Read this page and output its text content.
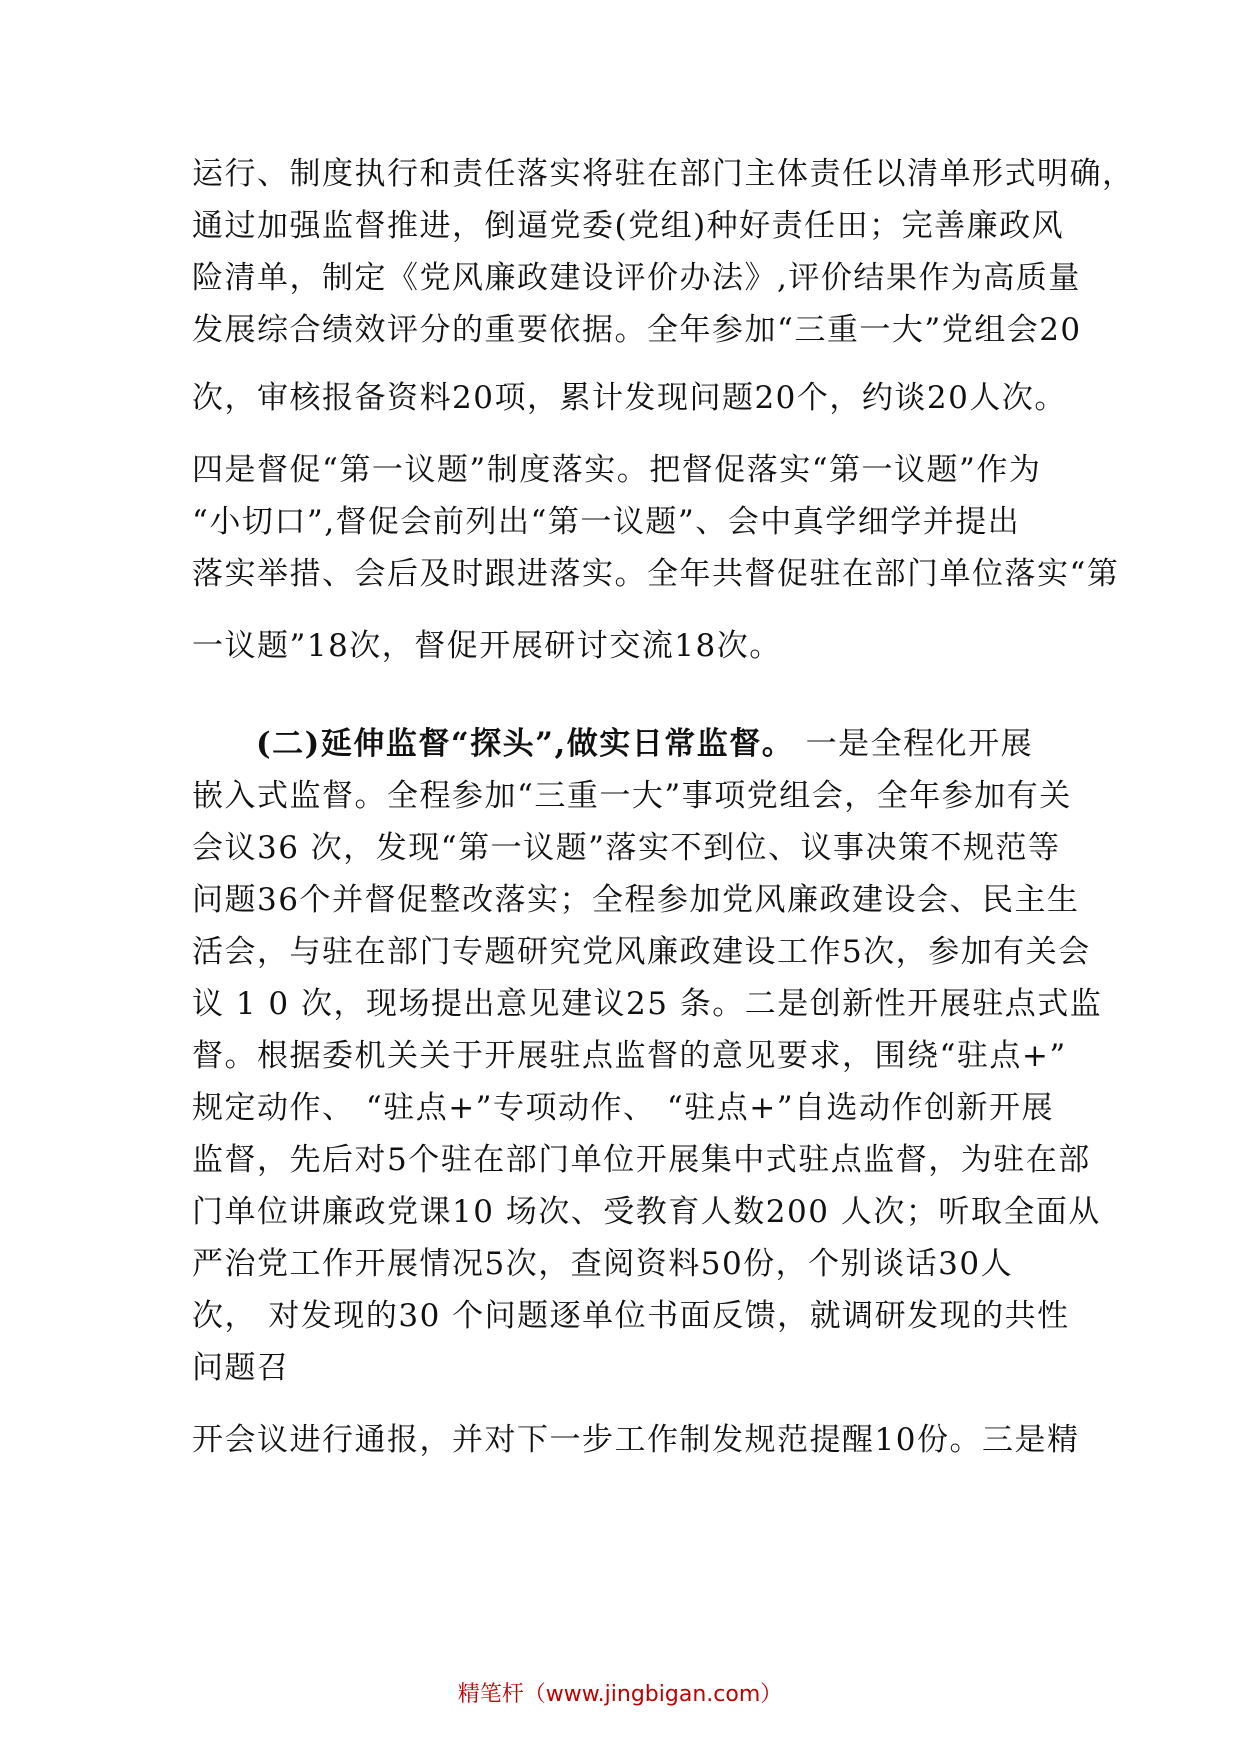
运行、制度执行和责任落实将驻在部门主体责任以清单形式明确，
通过加强监督推进，倒逼党委(党组)种好责任田；完善廉政风
险清单，制定《党风廉政建设评价办法》,评价结果作为高质量
发展综合绩效评分的重要依据。全年参加“三重一大”党组会20
次，审核报备资料20项，累计发现问题20个，约谈20人次。
四是督促“第一议题”制度落实。把督促落实“第一议题”作为
“小切口”,督促会前列出“第一议题”、会中真学细学并提出
落实举措、会后及时跟进落实。全年共督促驻在部门单位落实“第
一议题”18次，督促开展研讨交流18次。
(二)延伸监督“探头”,做实日常监督。 一是全程化开展
嵌入式监督。全程参加“三重一大”事项党组会，全年参加有关
会议36 次，发现“第一议题”落实不到位、议事决策不规范等
问题36个并督促整改落实；全程参加党风廉政建设会、民主生
活会，与驻在部门专题研究党风廉政建设工作5次，参加有关会
议 1 0 次，现场提出意见建议25 条。二是创新性开展驻点式监
督。根据委机关关于开展驻点监督的意见要求，围绕“驻点+”
规定动作、 “驻点+”专项动作、 “驻点+”自选动作创新开展
监督，先后对5个驻在部门单位开展集中式驻点监督，为驻在部
门单位讲廉政党课10 场次、受教育人数200 人次；听取全面从
严治党工作开展情况5次，查阅资料50份，个别谈话30人
次， 对发现的30 个问题逐单位书面反馈，就调研发现的共性
问题召
开会议进行通报，并对下一步工作制发规范提醒10份。三是精
精笔杆（www.jingbigan.com）
